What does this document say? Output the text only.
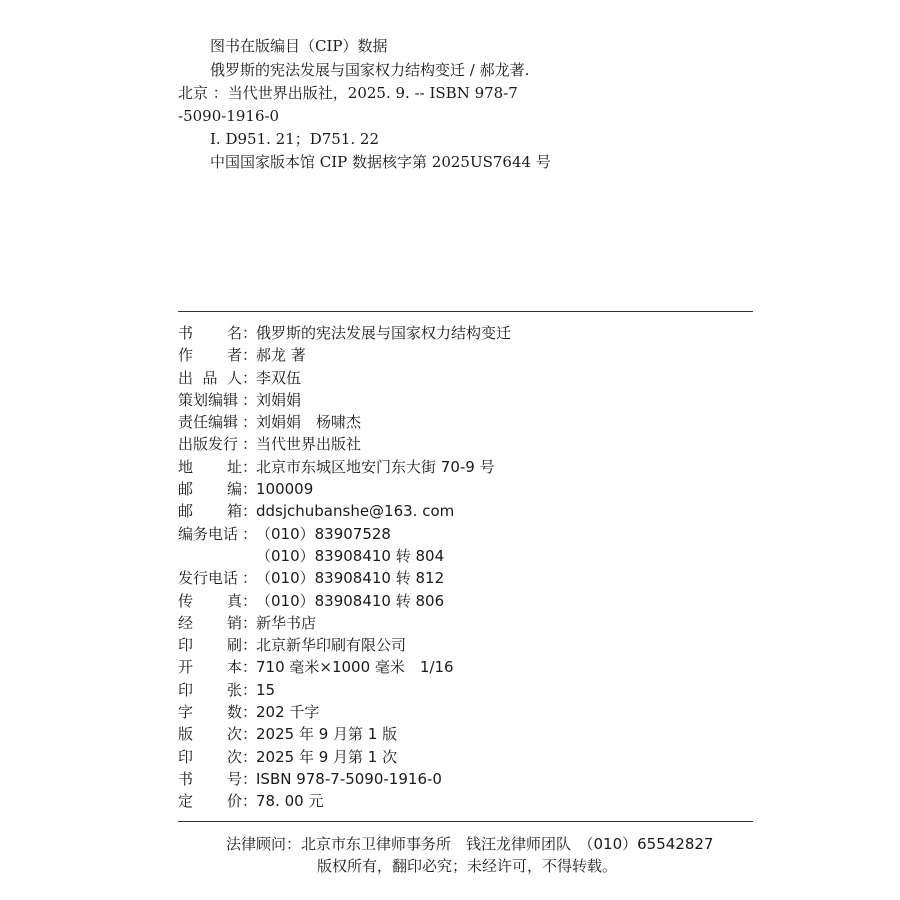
图书在版编目（CIP）数据
俄罗斯的宪法发展与国家权力结构变迁 / 郝龙著.
北京 ：当代世界出版社，2025. 9. -- ISBN 978-7
-5090-1916-0
Ⅰ. D951. 21；D751. 22
中国国家版本馆 CIP 数据核字第 2025US7644 号
书 名 ：
俄罗斯的宪法发展与国家权力结构变迁
作 者 ：
郝龙 著
出 品 人 ：
李双伍
策划编辑 ：
刘娟娟
责任编辑 ：
刘娟娟　杨啸杰
出版发行 ：
当代世界出版社
地 址 ：
北京市东城区地安门东大街 70-9 号
邮 编 ：
100009
邮 箱 ：
ddsjchubanshe@163. com
编务电话 ：
（010）83907528
（010）83908410 转 804
发行电话 ：
（010）83908410 转 812
传 真 ：
（010）83908410 转 806
经 销 ：
新华书店
印 刷 ：
北京新华印刷有限公司
开 本 ：
710 毫米×1000 毫米　1/16
印 张 ：
15
字 数 ：
202 千字
版 次 ：
2025 年 9 月第 1 版
印 次 ：
2025 年 9 月第 1 次
书 号 ：
ISBN 978-7-5090-1916-0
定 价 ：
78. 00 元
法律顾问：北京市东卫律师事务所　钱汪龙律师团队　（010）65542827
版权所有，翻印必究；未经许可，不得转载。
